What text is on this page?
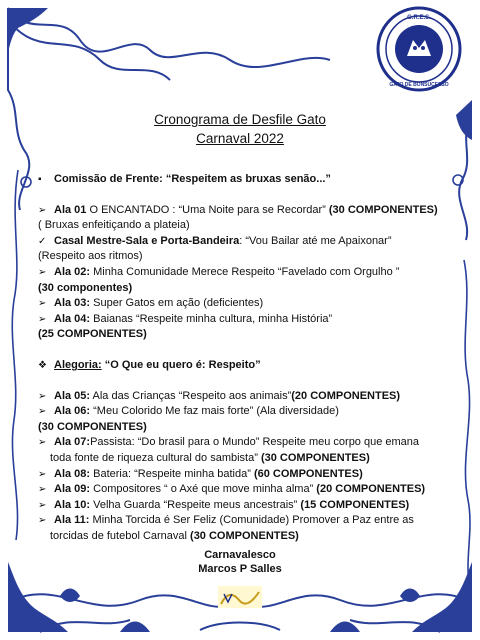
G.R.E.S.
GATO DE BONSUCESSO
Cronograma de Desfile Gato
Carnaval 2022
▪ Comissão de Frente: “Respeitem as bruxas senão...”
➢ Ala 01 O ENCANTADO : “Uma Noite para se Recordar” (30 COMPONENTES)
( Bruxas enfeitiçando a plateia)
✓ Casal Mestre-Sala e Porta-Bandeira: “Vou Bailar até me Apaixonar”
(Respeito aos ritmos)
➢ Ala 02: Minha Comunidade Merece Respeito “Favelado com Orgulho ”
(30 componentes)
➢ Ala 03: Super Gatos em ação (deficientes)
➢ Ala 04: Baianas “Respeite minha cultura, minha História”
(25 COMPONENTES)
❖ Alegoria: “O Que eu quero é: Respeito”
➢ Ala 05: Ala das Crianças “Respeito aos animais”(20 COMPONENTES)
➢ Ala 06: “Meu Colorido Me faz mais forte” (Ala diversidade)
(30 COMPONENTES)
➢ Ala 07:Passista: “Do brasil para o Mundo” Respeite meu corpo que emana
toda fonte de riqueza cultural do sambista” (30 COMPONENTES)
➢ Ala 08: Bateria: “Respeite minha batida” (60 COMPONENTES)
➢ Ala 09: Compositores “ o Axé que move minha alma” (20 COMPONENTES)
➢ Ala 10: Velha Guarda “Respeite meus ancestrais” (15 COMPONENTES)
➢ Ala 11: Minha Torcida é Ser Feliz (Comunidade) Promover a Paz entre as
torcidas de futebol Carnaval (30 COMPONENTES)
Carnavalesco
Marcos P Salles
